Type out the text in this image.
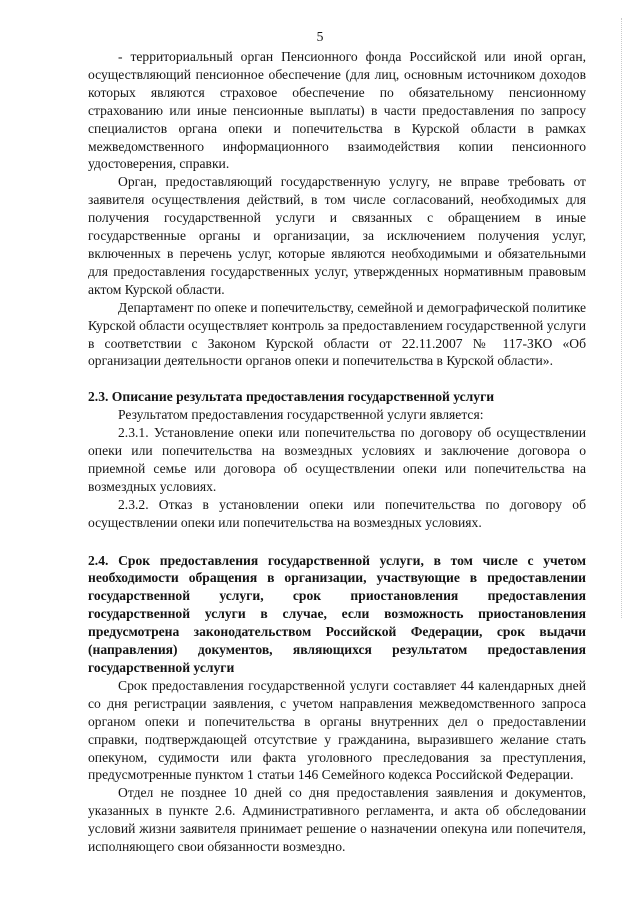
5

- территориальный орган Пенсионного фонда Российской или иной орган, осуществляющий пенсионное обеспечение (для лиц, основным источником доходов которых являются страховое обеспечение по обязательному пенсионному страхованию или иные пенсионные выплаты) в части предоставления по запросу специалистов органа опеки и попечительства в Курской области в рамках межведомственного информационного взаимодействия копии пенсионного удостоверения, справки.

Орган, предоставляющий государственную услугу, не вправе требовать от заявителя осуществления действий, в том числе согласований, необходимых для получения государственной услуги и связанных с обращением в иные государственные органы и организации, за исключением получения услуг, включенных в перечень услуг, которые являются необходимыми и обязательными для предоставления государственных услуг, утвержденных нормативным правовым актом Курской области.

Департамент по опеке и попечительству, семейной и демографической политике Курской области осуществляет контроль за предоставлением государственной услуги в соответствии с Законом Курской области от 22.11.2007 № 117-ЗКО «Об организации деятельности органов опеки и попечительства в Курской области».

2.3. Описание результата предоставления государственной услуги

Результатом предоставления государственной услуги является:

2.3.1. Установление опеки или попечительства по договору об осуществлении опеки или попечительства на возмездных условиях и заключение договора о приемной семье или договора об осуществлении опеки или попечительства на возмездных условиях.

2.3.2. Отказ в установлении опеки или попечительства по договору об осуществлении опеки или попечительства на возмездных условиях.

2.4. Срок предоставления государственной услуги, в том числе с учетом необходимости обращения в организации, участвующие в предоставлении государственной услуги, срок приостановления предоставления государственной услуги в случае, если возможность приостановления предусмотрена законодательством Российской Федерации, срок выдачи (направления) документов, являющихся результатом предоставления государственной услуги

Срок предоставления государственной услуги составляет 44 календарных дней со дня регистрации заявления, с учетом направления межведомственного запроса органом опеки и попечительства в органы внутренних дел о предоставлении справки, подтверждающей отсутствие у гражданина, выразившего желание стать опекуном, судимости или факта уголовного преследования за преступления, предусмотренные пунктом 1 статьи 146 Семейного кодекса Российской Федерации.

Отдел не позднее 10 дней со дня предоставления заявления и документов, указанных в пункте 2.6. Административного регламента, и акта об обследовании условий жизни заявителя принимает решение о назначении опекуна или попечителя, исполняющего свои обязанности возмездно.
